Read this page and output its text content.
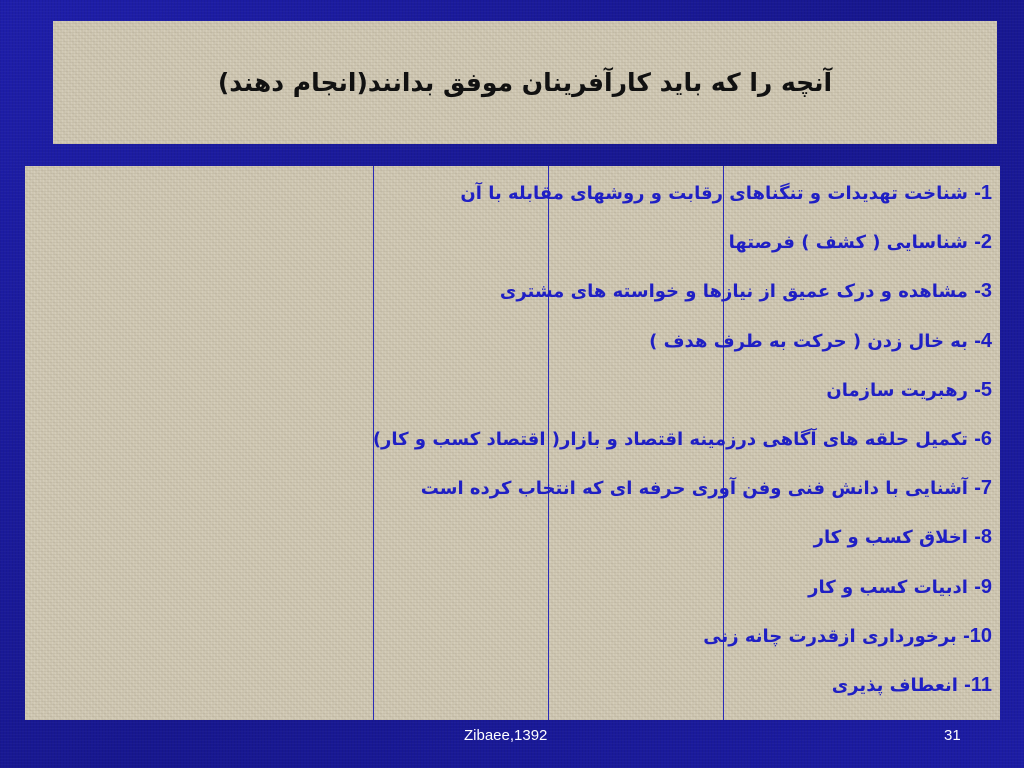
آنچه را که باید کارآفرینان موفق بدانند(انجام دهند)
1- شناخت تهدیدات و تنگناهای رقابت و روشهای مقابله با آن
2- شناسایی ( کشف ) فرصتها
3- مشاهده و درک عمیق از نیازها و خواسته های مشتری
4- به خال زدن ( حرکت به طرف هدف )
5- رهبریت سازمان
6- تکمیل حلقه های آگاهی درزمینه اقتصاد و بازار( اقتصاد کسب و کار)
7- آشنایی با دانش فنی وفن آوری حرفه ای که انتخاب کرده است
8- اخلاق کسب و کار
9- ادبیات کسب و کار
10- برخورداری ازقدرت چانه زنی
11- انعطاف پذیری
Zibaee,1392	31
